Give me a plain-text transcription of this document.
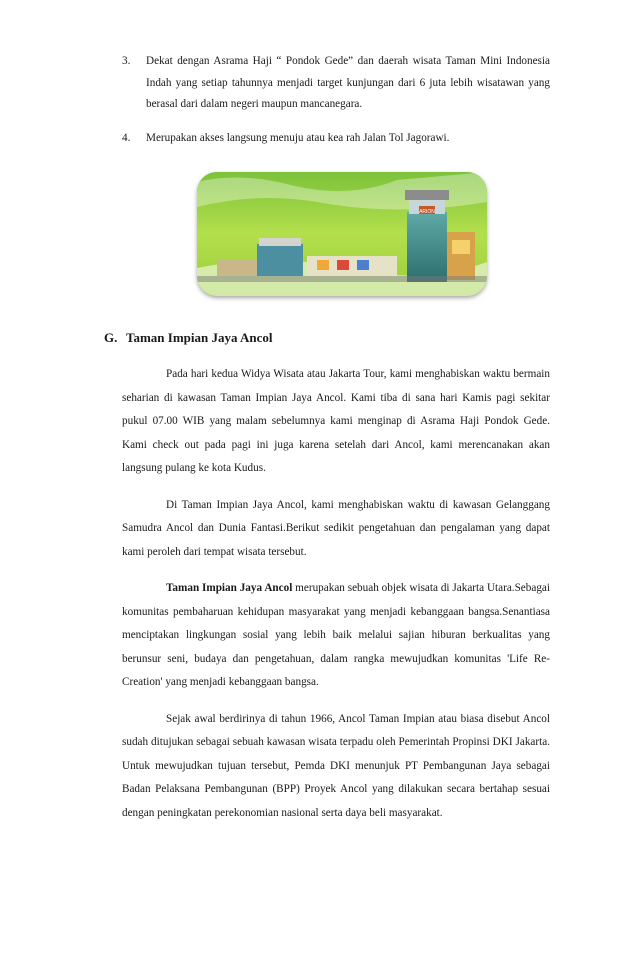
3.	Dekat dengan Asrama Haji “ Pondok Gede” dan daerah wisata Taman Mini Indonesia Indah yang setiap tahunnya menjadi target kunjungan dari 6 juta lebih wisatawan yang berasal dari dalam negeri maupun mancanegara.
4.	Merupakan akses langsung menuju atau kea rah Jalan Tol Jagorawi.
ARION
G. Taman Impian Jaya Ancol

Pada hari kedua Widya Wisata atau Jakarta Tour, kami menghabiskan waktu bermain seharian di kawasan Taman Impian Jaya Ancol. Kami tiba di sana hari Kamis pagi sekitar pukul 07.00 WIB yang malam sebelumnya kami menginap di Asrama Haji Pondok Gede. Kami check out pada pagi ini juga karena setelah dari Ancol, kami merencanakan akan langsung pulang ke kota Kudus.

Di Taman Impian Jaya Ancol, kami menghabiskan waktu di kawasan Gelanggang Samudra Ancol dan Dunia Fantasi.Berikut sedikit pengetahuan dan pengalaman yang dapat kami peroleh dari tempat wisata tersebut.

Taman Impian Jaya Ancol merupakan sebuah objek wisata di Jakarta Utara.Sebagai komunitas pembaharuan kehidupan masyarakat yang menjadi kebanggaan bangsa.Senantiasa menciptakan lingkungan sosial yang lebih baik melalui sajian hiburan berkualitas yang berunsur seni, budaya dan pengetahuan, dalam rangka mewujudkan komunitas 'Life Re-Creation' yang menjadi kebanggaan bangsa.

Sejak awal berdirinya di tahun 1966, Ancol Taman Impian atau biasa disebut Ancol sudah ditujukan sebagai sebuah kawasan wisata terpadu oleh Pemerintah Propinsi DKI Jakarta. Untuk mewujudkan tujuan tersebut, Pemda DKI menunjuk PT Pembangunan Jaya sebagai Badan Pelaksana Pembangunan (BPP) Proyek Ancol yang dilakukan secara bertahap sesuai dengan peningkatan perekonomian nasional serta daya beli masyarakat.
